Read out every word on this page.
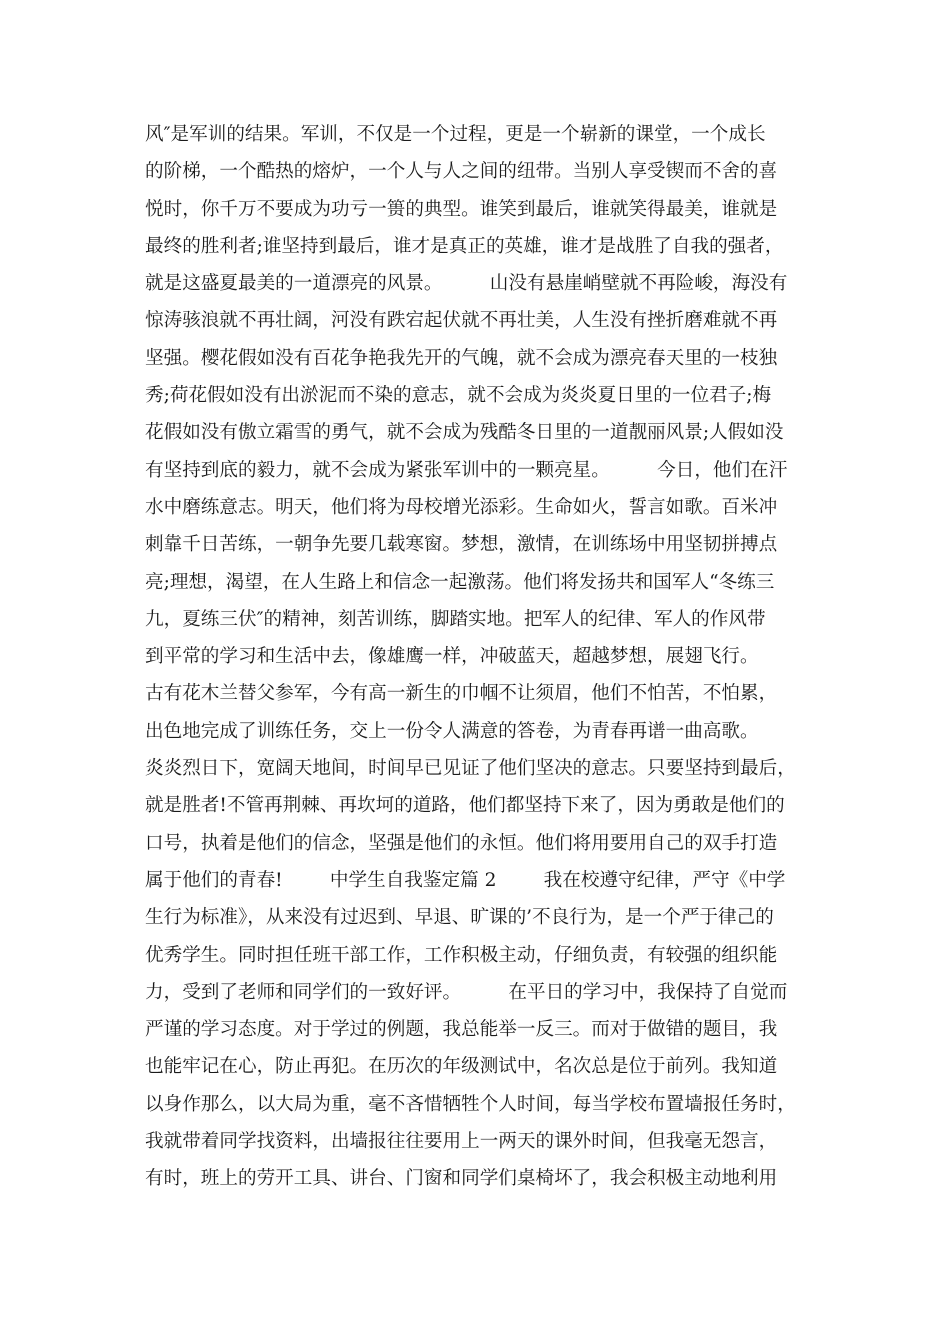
风″是军训的结果。军训，不仅是一个过程，更是一个崭新的课堂，一个成长
的阶梯，一个酷热的熔炉，一个人与人之间的纽带。当别人享受锲而不舍的喜
悦时，你千万不要成为功亏一篑的典型。谁笑到最后，谁就笑得最美，谁就是
最终的胜利者;谁坚持到最后，谁才是真正的英雄，谁才是战胜了自我的强者，
就是这盛夏最美的一道漂亮的风景。        山没有悬崖峭壁就不再险峻，海没有
惊涛骇浪就不再壮阔，河没有跌宕起伏就不再壮美，人生没有挫折磨难就不再
坚强。樱花假如没有百花争艳我先开的气魄，就不会成为漂亮春天里的一枝独
秀;荷花假如没有出淤泥而不染的意志，就不会成为炎炎夏日里的一位君子;梅
花假如没有傲立霜雪的勇气，就不会成为残酷冬日里的一道靓丽风景;人假如没
有坚持到底的毅力，就不会成为紧张军训中的一颗亮星。        今日，他们在汗
水中磨练意志。明天，他们将为母校增光添彩。生命如火，誓言如歌。百米冲
刺靠千日苦练，一朝争先要几载寒窗。梦想，激情，在训练场中用坚韧拼搏点
亮;理想，渴望，在人生路上和信念一起激荡。他们将发扬共和国军人“冬练三
九，夏练三伏″的精神，刻苦训练，脚踏实地。把军人的纪律、军人的作风带
到平常的学习和生活中去，像雄鹰一样，冲破蓝天，超越梦想，展翅飞行。
古有花木兰替父参军，今有高一新生的巾帼不让须眉，他们不怕苦，不怕累，
出色地完成了训练任务，交上一份令人满意的答卷，为青春再谱一曲高歌。
炎炎烈日下，宽阔天地间，时间早已见证了他们坚决的意志。只要坚持到最后，
就是胜者!不管再荆棘、再坎坷的道路，他们都坚持下来了，因为勇敢是他们的
口号，执着是他们的信念，坚强是他们的永恒。他们将用要用自己的双手打造
属于他们的青春!        中学生自我鉴定篇 2        我在校遵守纪律，严守《中学
生行为标准》，从来没有过迟到、早退、旷课的’不良行为，是一个严于律己的
优秀学生。同时担任班干部工作，工作积极主动，仔细负责，有较强的组织能
力，受到了老师和同学们的一致好评。        在平日的学习中，我保持了自觉而
严谨的学习态度。对于学过的例题，我总能举一反三。而对于做错的题目，我
也能牢记在心，防止再犯。在历次的年级测试中，名次总是位于前列。我知道
以身作那么，以大局为重，毫不吝惜牺牲个人时间，每当学校布置墙报任务时，
我就带着同学找资料，出墙报往往要用上一两天的课外时间，但我毫无怨言，
有时，班上的劳开工具、讲台、门窗和同学们桌椅坏了，我会积极主动地利用
